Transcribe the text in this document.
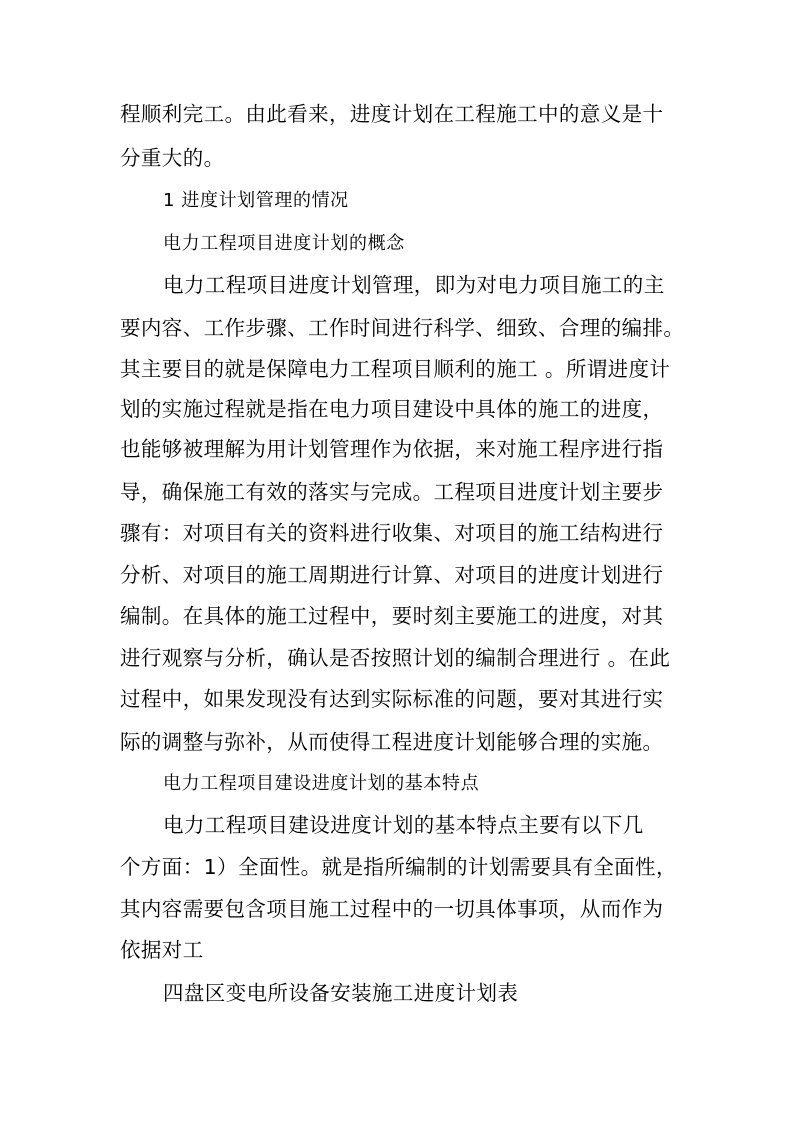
程顺利完工。由此看来，进度计划在工程施工中的意义是十
分重大的。
1 进度计划管理的情况
电力工程项目进度计划的概念
电力工程项目进度计划管理，即为对电力项目施工的主
要内容、工作步骤、工作时间进行科学、细致、合理的编排。
其主要目的就是保障电力工程项目顺利的施工 。所谓进度计
划的实施过程就是指在电力项目建设中具体的施工的进度，
也能够被理解为用计划管理作为依据，来对施工程序进行指
导，确保施工有效的落实与完成。工程项目进度计划主要步
骤有：对项目有关的资料进行收集、对项目的施工结构进行
分析、对项目的施工周期进行计算、对项目的进度计划进行
编制。在具体的施工过程中，要时刻主要施工的进度，对其
进行观察与分析，确认是否按照计划的编制合理进行 。在此
过程中，如果发现没有达到实际标准的问题，要对其进行实
际的调整与弥补，从而使得工程进度计划能够合理的实施。
电力工程项目建设进度计划的基本特点
电力工程项目建设进度计划的基本特点主要有以下几
个方面：1）全面性。就是指所编制的计划需要具有全面性，
其内容需要包含项目施工过程中的一切具体事项，从而作为
依据对工
四盘区变电所设备安装施工进度计划表
